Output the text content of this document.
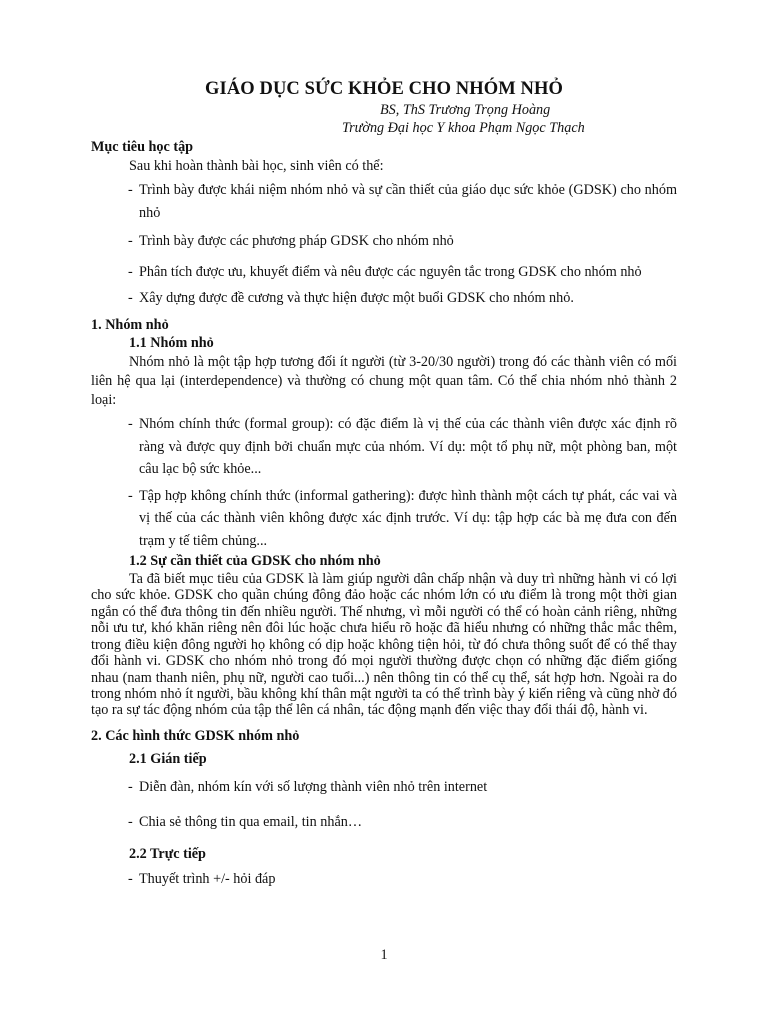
GIÁO DỤC SỨC KHỎE CHO NHÓM NHỎ
BS, ThS Trương Trọng Hoàng
Trường Đại học Y khoa Phạm Ngọc Thạch

Mục tiêu học tập

Sau khi hoàn thành bài học, sinh viên có thể:

- Trình bày được khái niệm nhóm nhỏ và sự cần thiết của giáo dục sức khỏe (GDSK) cho nhóm nhỏ
- Trình bày được các phương pháp GDSK cho nhóm nhỏ
- Phân tích được ưu, khuyết điểm và nêu được các nguyên tắc trong GDSK cho nhóm nhỏ
- Xây dựng được đề cương và thực hiện được một buổi GDSK cho nhóm nhỏ.

1. Nhóm nhỏ

1.1 Nhóm nhỏ

Nhóm nhỏ là một tập hợp tương đối ít người (từ 3-20/30 người) trong đó các thành viên có mối liên hệ qua lại (interdependence) và thường có chung một quan tâm. Có thể chia nhóm nhỏ thành 2 loại:

- Nhóm chính thức (formal group): có đặc điểm là vị thế của các thành viên được xác định rõ ràng và được quy định bởi chuẩn mực của nhóm. Ví dụ: một tổ phụ nữ, một phòng ban, một câu lạc bộ sức khỏe...
- Tập hợp không chính thức (informal gathering): được hình thành một cách tự phát, các vai và vị thế của các thành viên không được xác định trước. Ví dụ: tập hợp các bà mẹ đưa con đến trạm y tế tiêm chủng...

1.2 Sự cần thiết của GDSK cho nhóm nhỏ

Ta đã biết mục tiêu của GDSK là làm giúp người dân chấp nhận và duy trì những hành vi có lợi cho sức khỏe. GDSK cho quần chúng đông đảo hoặc các nhóm lớn có ưu điểm là trong một thời gian ngắn có thể đưa thông tin đến nhiều người. Thế nhưng, vì mỗi người có thể có hoàn cảnh riêng, những nỗi ưu tư, khó khăn riêng nên đôi lúc hoặc chưa hiểu rõ hoặc đã hiểu nhưng có những thắc mắc thêm, trong điều kiện đông người họ không có dịp hoặc không tiện hỏi, từ đó chưa thông suốt để có thể thay đổi hành vi. GDSK cho nhóm nhỏ trong đó mọi người thường được chọn có những đặc điểm giống nhau (nam thanh niên, phụ nữ, người cao tuổi...) nên thông tin có thể cụ thể, sát hợp hơn. Ngoài ra do trong nhóm nhỏ ít người, bầu không khí thân mật người ta có thể trình bày ý kiến riêng và cũng nhờ đó tạo ra sự tác động nhóm của tập thể lên cá nhân, tác động mạnh đến việc thay đổi thái độ, hành vi.

2. Các hình thức GDSK nhóm nhỏ

2.1 Gián tiếp

- Diễn đàn, nhóm kín với số lượng thành viên nhỏ trên internet
- Chia sẻ thông tin qua email, tin nhắn…

2.2 Trực tiếp

- Thuyết trình +/- hỏi đáp
1
